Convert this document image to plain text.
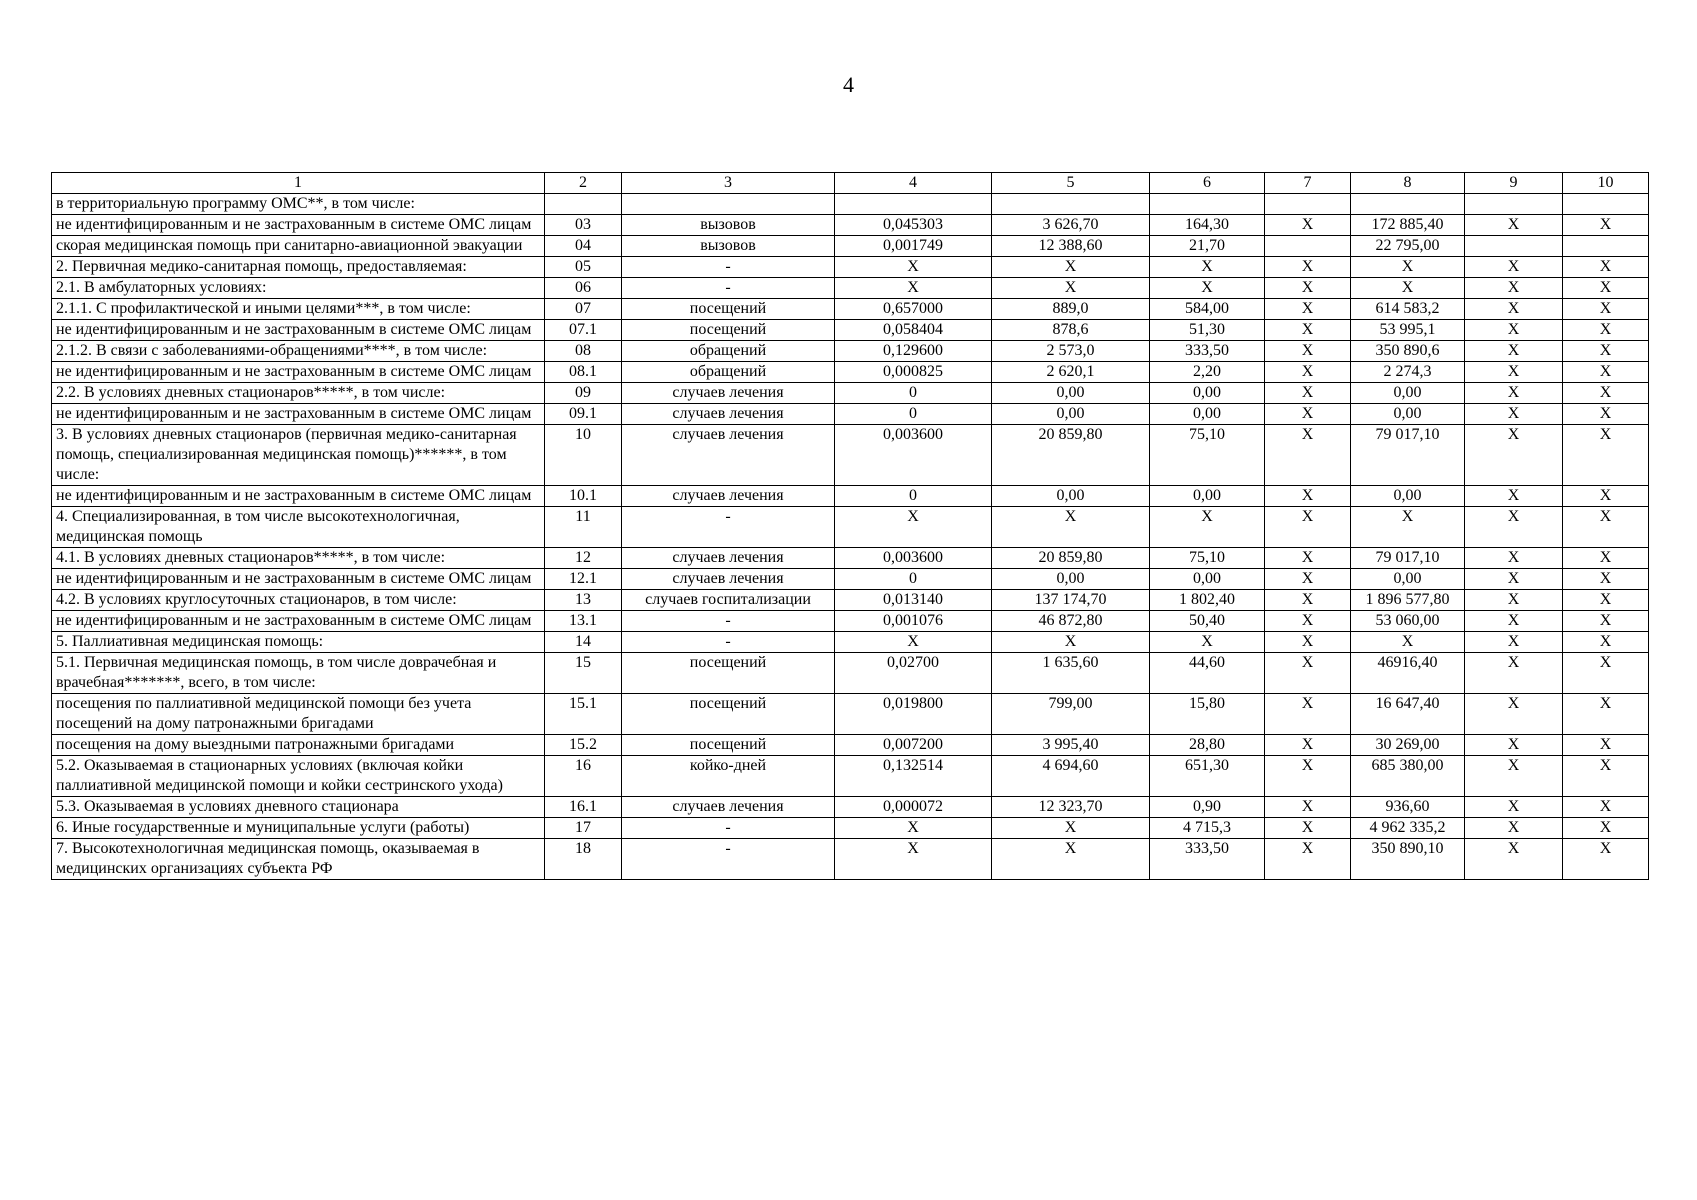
4
1	2	3	4	5	6	7	8	9	10
в территориальную программу ОМС**, в том числе:									
не идентифицированным и не застрахованным в системе ОМС лицам	03	вызовов	0,045303	3 626,70	164,30	Х	172 885,40	Х	Х
скорая медицинская помощь при санитарно-авиационной эвакуации	04	вызовов	0,001749	12 388,60	21,70		22 795,00		
2. Первичная медико-санитарная помощь, предоставляемая:	05	-	Х	Х	Х	Х	Х	Х	Х
2.1. В амбулаторных условиях:	06	-	Х	Х	Х	Х	Х	Х	Х
2.1.1. С профилактической и иными целями***, в том числе:	07	посещений	0,657000	889,0	584,00	Х	614 583,2	Х	Х
не идентифицированным и не застрахованным в системе ОМС лицам	07.1	посещений	0,058404	878,6	51,30	Х	53 995,1	Х	Х
2.1.2. В связи с заболеваниями-обращениями****, в том числе:	08	обращений	0,129600	2 573,0	333,50	Х	350 890,6	Х	Х
не идентифицированным и не застрахованным в системе ОМС лицам	08.1	обращений	0,000825	2 620,1	2,20	Х	2 274,3	Х	Х
2.2. В условиях дневных стационаров*****, в том числе:	09	случаев лечения	0	0,00	0,00	Х	0,00	Х	Х
не идентифицированным и не застрахованным в системе ОМС лицам	09.1	случаев лечения	0	0,00	0,00	Х	0,00	Х	Х
3. В условиях дневных стационаров (первичная медико-санитарная помощь, специализированная медицинская помощь)******, в том числе:	10	случаев лечения	0,003600	20 859,80	75,10	Х	79 017,10	Х	Х
не идентифицированным и не застрахованным в системе ОМС лицам	10.1	случаев лечения	0	0,00	0,00	Х	0,00	Х	Х
4. Специализированная, в том числе высокотехнологичная, медицинская помощь	11	-	Х	Х	Х	Х	Х	Х	Х
4.1. В условиях дневных стационаров*****, в том числе:	12	случаев лечения	0,003600	20 859,80	75,10	Х	79 017,10	Х	Х
не идентифицированным и не застрахованным в системе ОМС лицам	12.1	случаев лечения	0	0,00	0,00	Х	0,00	Х	Х
4.2. В условиях круглосуточных стационаров, в том числе:	13	случаев госпитализации	0,013140	137 174,70	1 802,40	Х	1 896 577,80	Х	Х
не идентифицированным и не застрахованным в системе ОМС лицам	13.1	-	0,001076	46 872,80	50,40	Х	53 060,00	Х	Х
5. Паллиативная медицинская помощь:	14	-	Х	Х	Х	Х	Х	Х	Х
5.1. Первичная медицинская помощь, в том числе доврачебная и врачебная*******, всего, в том числе:	15	посещений	0,02700	1 635,60	44,60	Х	46916,40	Х	Х
посещения по паллиативной медицинской помощи без учета посещений на дому патронажными бригадами	15.1	посещений	0,019800	799,00	15,80	Х	16 647,40	Х	Х
посещения на дому выездными патронажными бригадами	15.2	посещений	0,007200	3 995,40	28,80	Х	30 269,00	Х	Х
5.2. Оказываемая в стационарных условиях (включая койки паллиативной медицинской помощи и койки сестринского ухода)	16	койко-дней	0,132514	4 694,60	651,30	Х	685 380,00	Х	Х
5.3. Оказываемая в условиях дневного стационара	16.1	случаев лечения	0,000072	12 323,70	0,90	Х	936,60	Х	Х
6. Иные государственные и муниципальные услуги (работы)	17	-	Х	Х	4 715,3	Х	4 962 335,2	Х	Х
7. Высокотехнологичная медицинская помощь, оказываемая в медицинских организациях субъекта РФ	18	-	Х	Х	333,50	Х	350 890,10	Х	Х
